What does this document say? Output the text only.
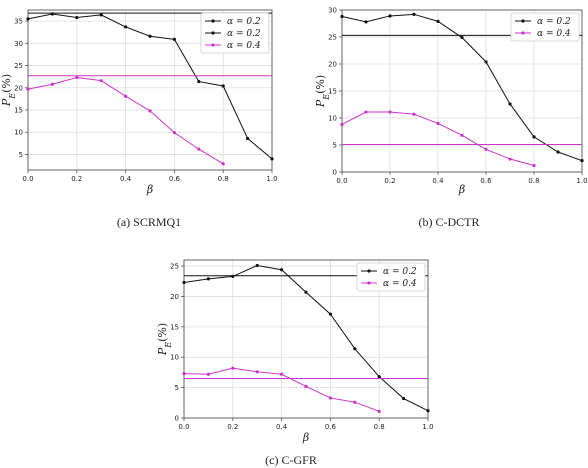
0.0	0.2	0.4	0.6	0.8	1.0
5
10
15
20
25
30
35	α = 0.2
α = 0.2
α = 0.4
β
$P_E(\%)$
0.0	0.2	0.4	0.6	0.8	1.0
0
5
10
15
20
25
30
α = 0.2
α = 0.4
β
$P_E(\%)$
0.0	0.2	0.4	0.6	0.8	1.0
0
5
10
15
20
25
α = 0.2
α = 0.4
β
$P_E(\%)$
(a) SCRMQ1	(b) C-DCTR
(c) C-GFR
